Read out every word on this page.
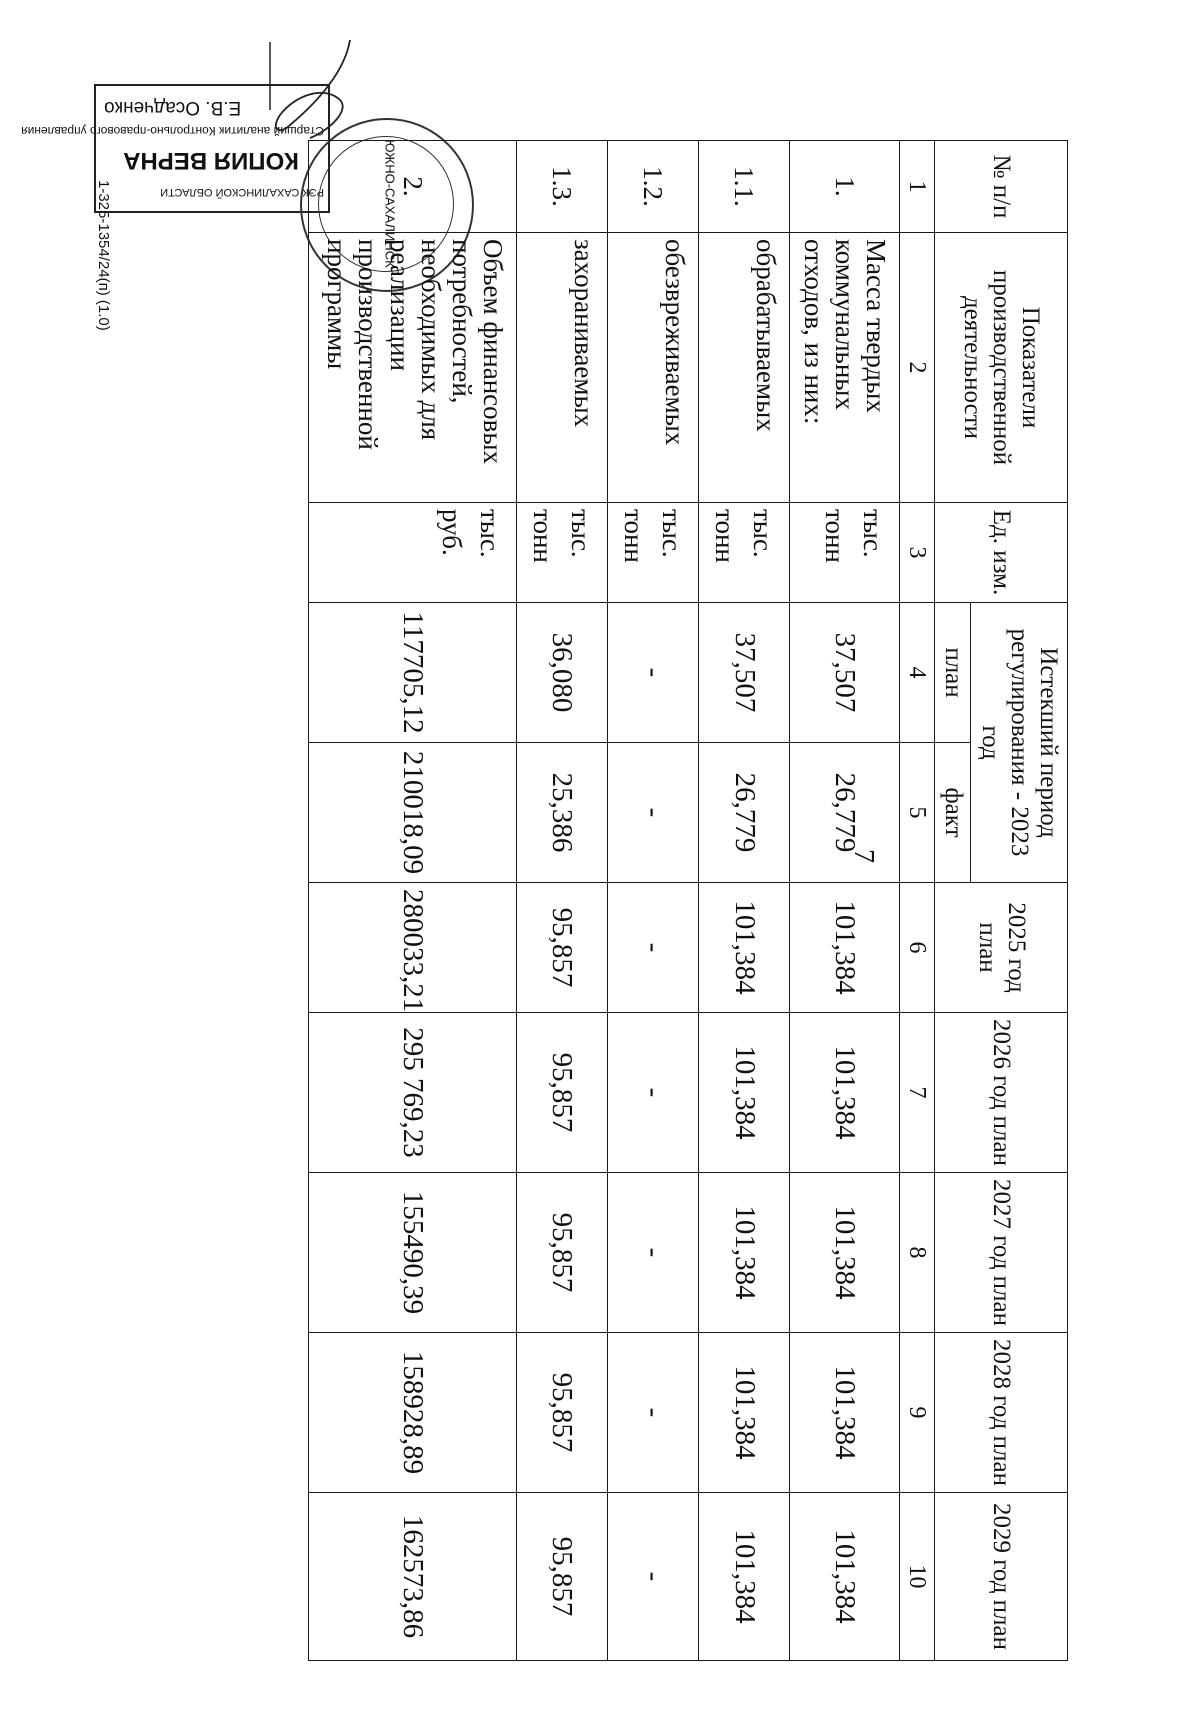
Е.В. Осадченко
Старший аналитик Контрольно-правового управления
КОПИЯ ВЕРНА
РЭК САХАЛИНСКОЙ ОБЛАСТИ
1-325-1354/24(п) (1.0)	ЮЖНО-САХАЛИНСК
7
№ п/п	Показатели производственной деятельности	Ед. изм.	Истекший период регулирования - 2023 год		2025 год план	2026 год план	2027 год план	2028 год план	2029 год план
			план	факт					
1	2	3	4	5	6	7	8	9	10
1.	Масса твердых коммунальных отходов, из них:	тыс. тонн	37,507	26,779	101,384	101,384	101,384	101,384	101,384
1.1.	обрабатываемых	тыс. тонн	37,507	26,779	101,384	101,384	101,384	101,384	101,384
1.2.	обезвреживаемых	тыс. тонн	-	-	-	-	-	-	-
1.3.	захораниваемых	тыс. тонн	36,080	25,386	95,857	95,857	95,857	95,857	95,857
2.	Объем финансовых потребностей, необходимых для реализации производственной программы	тыс. руб.	117705,12	210018,09	280033,21	295 769,23	155490,39	158928,89	162573,86
